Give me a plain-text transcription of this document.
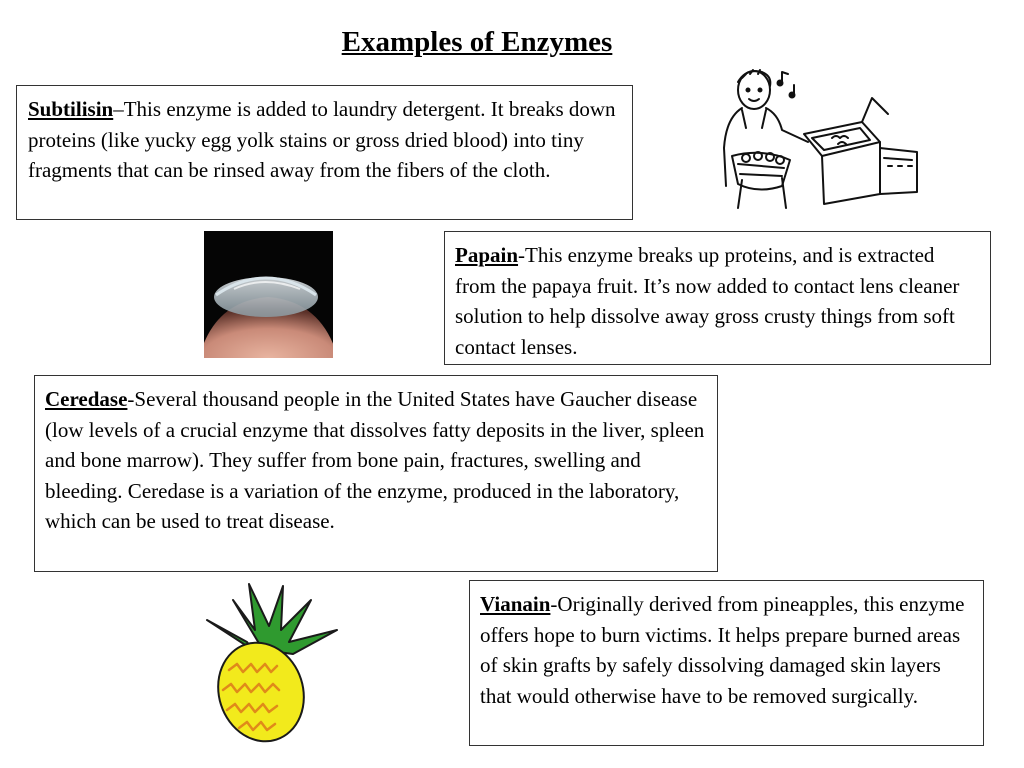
Examples of Enzymes
Subtilisin–This enzyme is added to laundry detergent. It breaks down proteins (like yucky egg yolk stains or gross dried blood) into tiny fragments that can be rinsed away from the fibers of the cloth.
Papain-This enzyme breaks up proteins, and is extracted from the papaya fruit. It’s now added to contact lens cleaner solution to help dissolve away gross crusty things from soft contact lenses.
Ceredase-Several thousand people in the United States have Gaucher disease (low levels of a crucial enzyme that dissolves fatty deposits in the liver, spleen and bone marrow). They suffer from bone pain, fractures, swelling and bleeding. Ceredase is a variation of the enzyme, produced in the laboratory, which can be used to treat disease.
Vianain-Originally derived from pineapples, this enzyme offers hope to burn victims. It helps prepare burned areas of skin grafts by safely dissolving damaged skin layers that would otherwise have to be removed surgically.
